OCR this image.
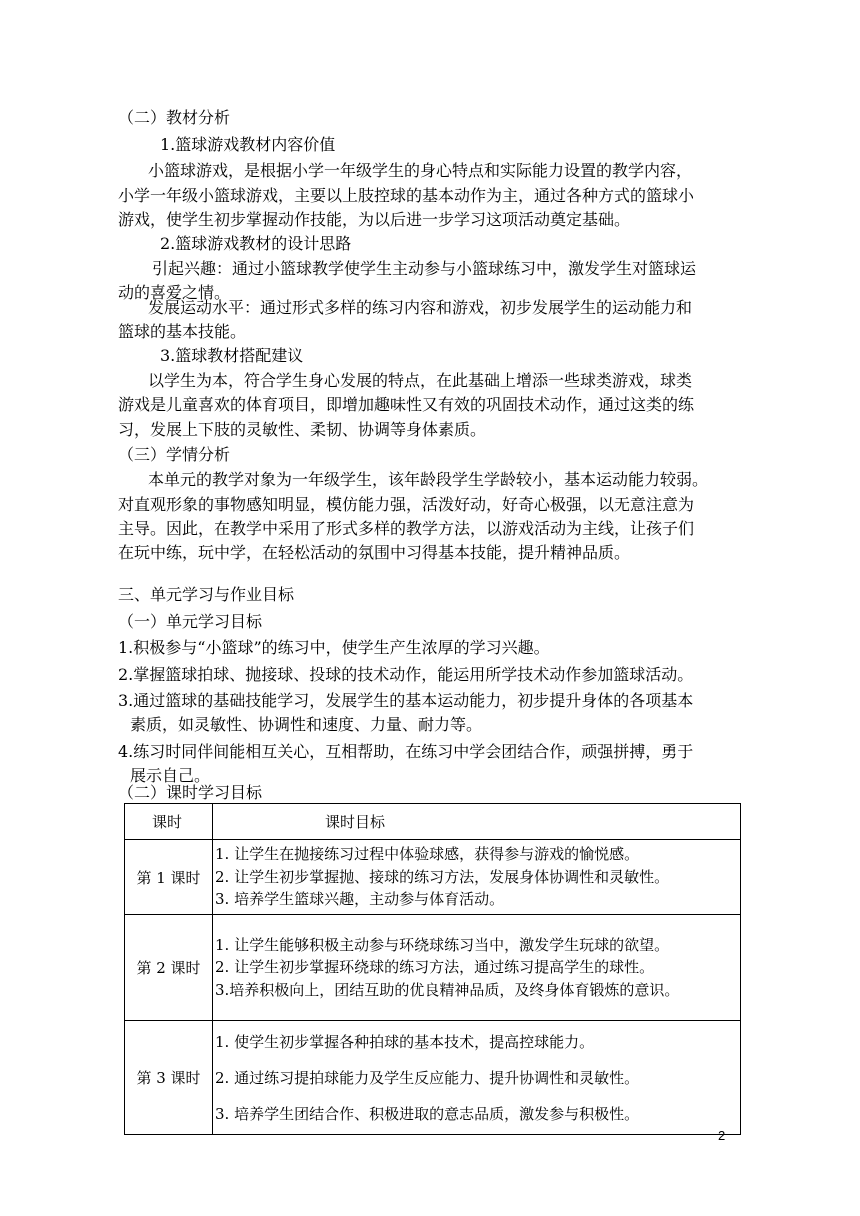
（二）教材分析
1.篮球游戏教材内容价值
小篮球游戏，是根据小学一年级学生的身心特点和实际能力设置的教学内容，
小学一年级小篮球游戏，主要以上肢控球的基本动作为主，通过各种方式的篮球小
游戏，使学生初步掌握动作技能，为以后进一步学习这项活动奠定基础。
2.篮球游戏教材的设计思路
引起兴趣：通过小篮球教学使学生主动参与小篮球练习中，激发学生对篮球运
动的喜爱之情。
发展运动水平：通过形式多样的练习内容和游戏，初步发展学生的运动能力和
篮球的基本技能。
3.篮球教材搭配建议
以学生为本，符合学生身心发展的特点，在此基础上增添一些球类游戏，球类
游戏是儿童喜欢的体育项目，即增加趣味性又有效的巩固技术动作，通过这类的练
习，发展上下肢的灵敏性、柔韧、协调等身体素质。
（三）学情分析
本单元的教学对象为一年级学生，该年龄段学生学龄较小，基本运动能力较弱。
对直观形象的事物感知明显，模仿能力强，活泼好动，好奇心极强，以无意注意为
主导。因此，在教学中采用了形式多样的教学方法，以游戏活动为主线，让孩子们
在玩中练，玩中学，在轻松活动的氛围中习得基本技能，提升精神品质。
三、单元学习与作业目标
（一）单元学习目标
1.积极参与“小篮球”的练习中，使学生产生浓厚的学习兴趣。
2.掌握篮球拍球、抛接球、投球的技术动作，能运用所学技术动作参加篮球活动。
3.通过篮球的基础技能学习，发展学生的基本运动能力，初步提升身体的各项基本
素质，如灵敏性、协调性和速度、力量、耐力等。
4.练习时同伴间能相互关心，互相帮助，在练习中学会团结合作，顽强拼搏，勇于
展示自己。
（二）课时学习目标
课时	课时目标
第 1 课时	1. 让学生在抛接练习过程中体验球感，获得参与游戏的愉悦感。
2. 让学生初步掌握抛、接球的练习方法，发展身体协调性和灵敏性。
3. 培养学生篮球兴趣，主动参与体育活动。

第 2 课时	1. 让学生能够积极主动参与环绕球练习当中，激发学生玩球的欲望。
2. 让学生初步掌握环绕球的练习方法，通过练习提高学生的球性。
3.培养积极向上，团结互助的优良精神品质，及终身体育锻炼的意识。

第 3 课时	1. 使学生初步掌握各种拍球的基本技术，提高控球能力。
2. 通过练习提拍球能力及学生反应能力、提升协调性和灵敏性。
3. 培养学生团结合作、积极进取的意志品质，激发参与积极性。
2
